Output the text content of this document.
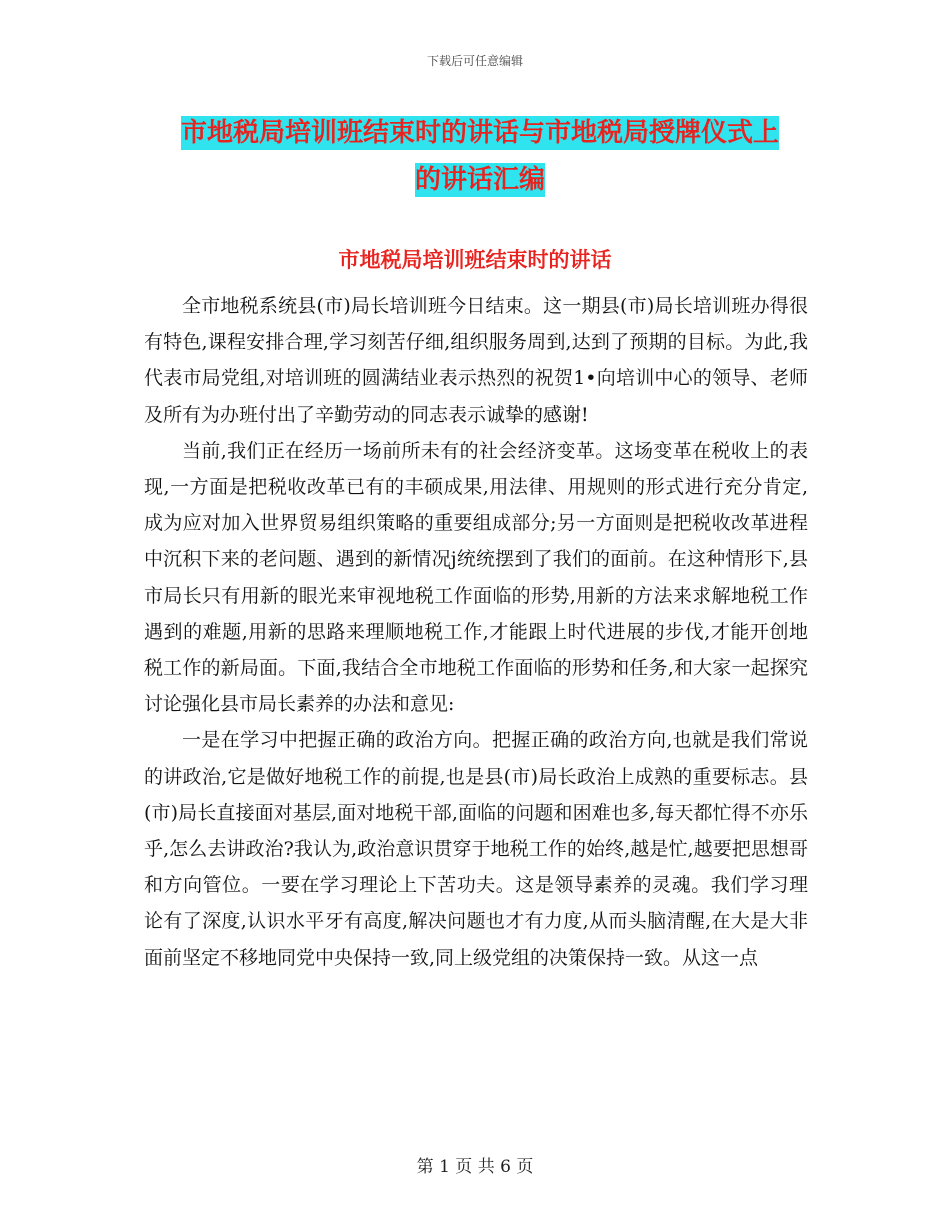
下载后可任意编辑
市地税局培训班结束时的讲话与市地税局授牌仪式上
的讲话汇编
市地税局培训班结束时的讲话

全市地税系统县(市)局长培训班今日结束。这一期县(市)局长培训班办得很有特色,课程安排合理,学习刻苦仔细,组织服务周到,达到了预期的目标。为此,我代表市局党组,对培训班的圆满结业表示热烈的祝贺1•向培训中心的领导、老师及所有为办班付出了辛勤劳动的同志表示诚挚的感谢!

当前,我们正在经历一场前所未有的社会经济变革。这场变革在税收上的表现,一方面是把税收改革已有的丰硕成果,用法律、用规则的形式进行充分肯定,成为应对加入世界贸易组织策略的重要组成部分;另一方面则是把税收改革进程中沉积下来的老问题、遇到的新情况j统统摆到了我们的面前。在这种情形下,县市局长只有用新的眼光来审视地税工作面临的形势,用新的方法来求解地税工作遇到的难题,用新的思路来理顺地税工作,才能跟上时代进展的步伐,才能开创地税工作的新局面。下面,我结合全市地税工作面临的形势和任务,和大家一起探究讨论强化县市局长素养的办法和意见:

一是在学习中把握正确的政治方向。把握正确的政治方向,也就是我们常说的讲政治,它是做好地税工作的前提,也是县(市)局长政治上成熟的重要标志。县(市)局长直接面对基层,面对地税干部,面临的问题和困难也多,每天都忙得不亦乐乎,怎么去讲政治?我认为,政治意识贯穿于地税工作的始终,越是忙,越要把思想哥和方向管位。一要在学习理论上下苦功夫。这是领导素养的灵魂。我们学习理论有了深度,认识水平牙有高度,解决问题也才有力度,从而头脑清醒,在大是大非面前坚定不移地同党中央保持一致,同上级党组的决策保持一致。从这一点

第 1 页 共 6 页
